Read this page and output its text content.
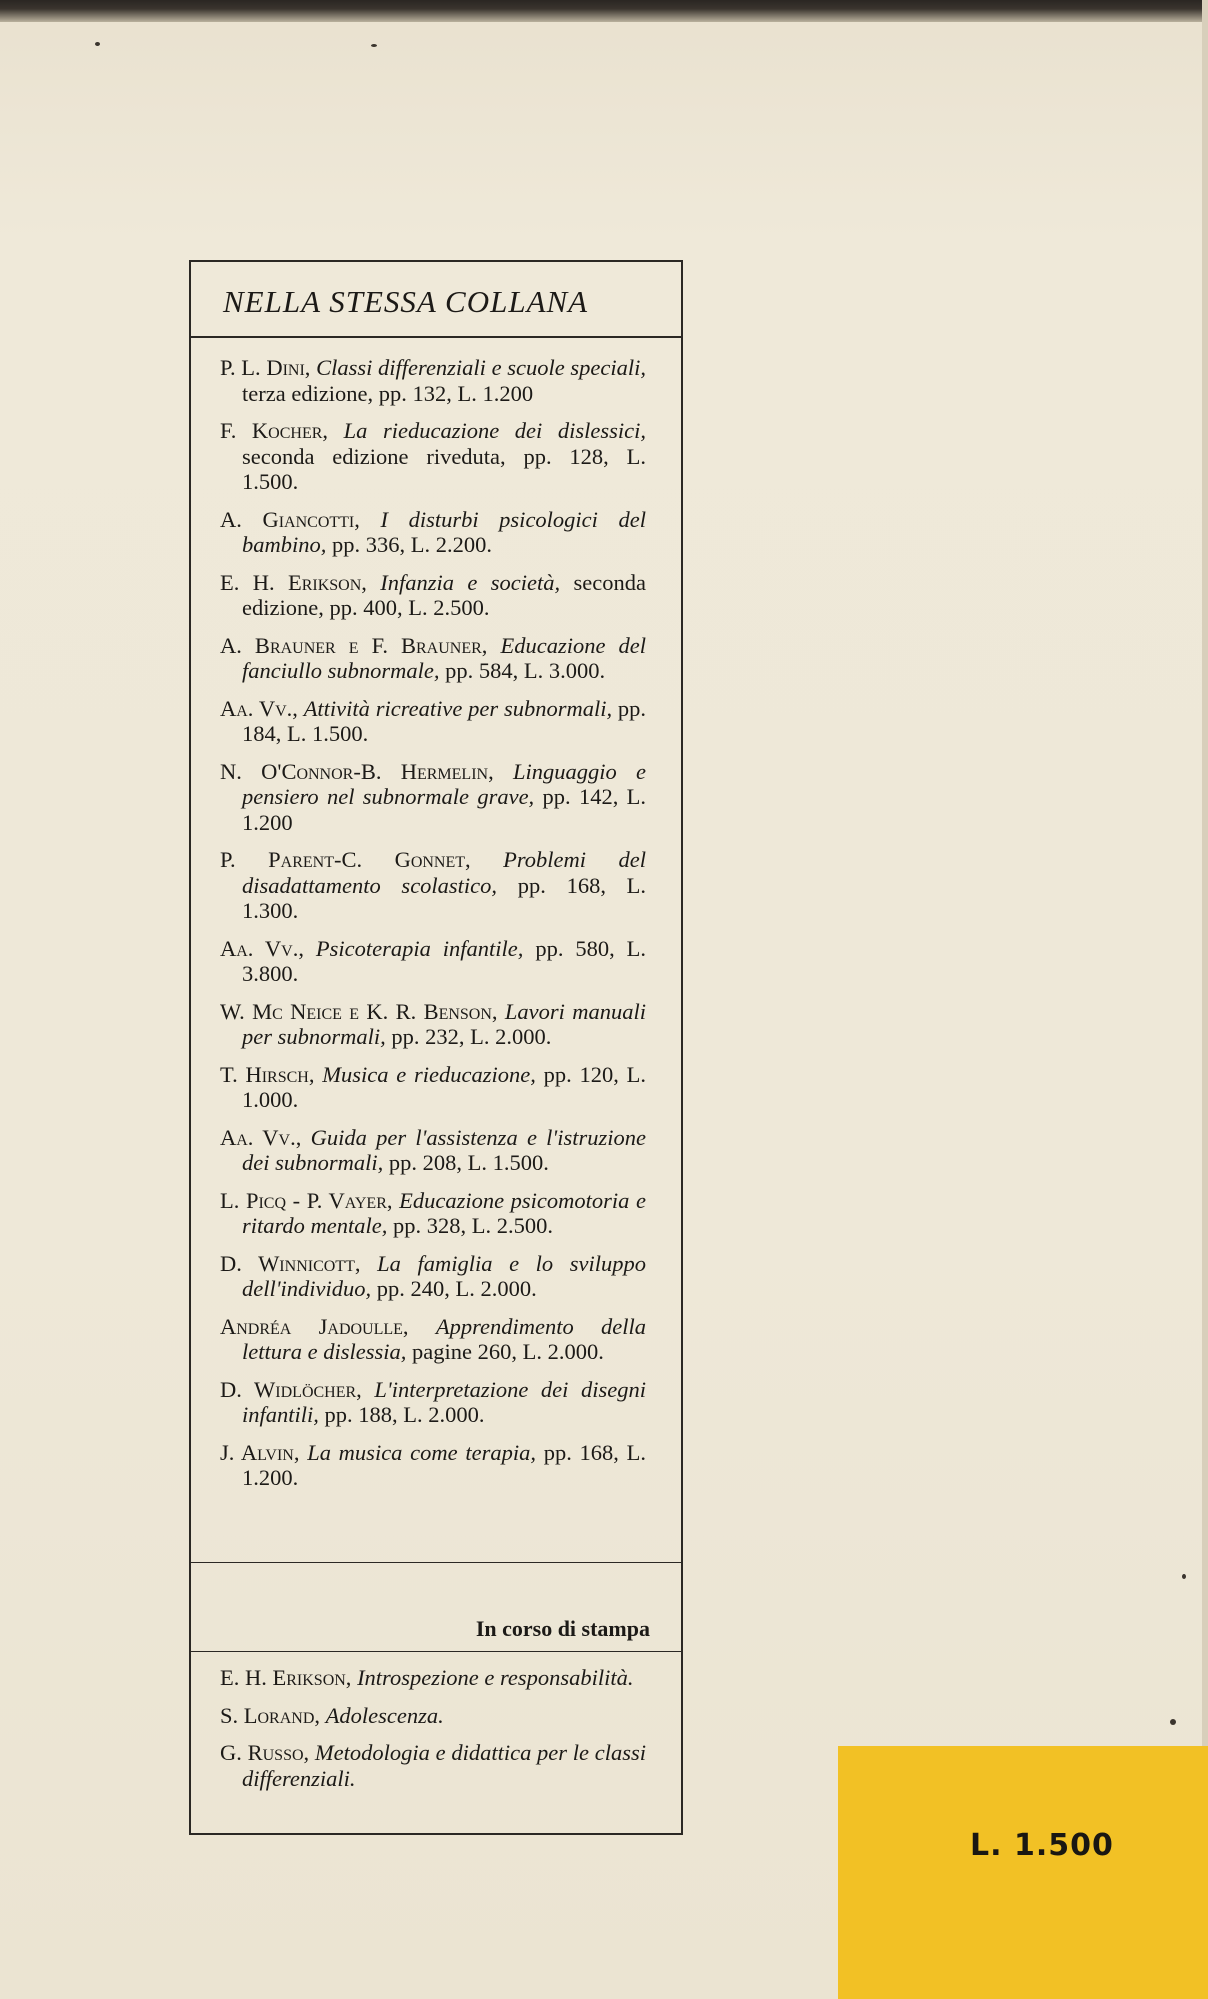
NELLA STESSA COLLANA
P. L. Dini, Classi differenziali e scuole speciali, terza edizione, pp. 132, L. 1.200
F. Kocher, La rieducazione dei dislessici, seconda edizione riveduta, pp. 128, L. 1.500.
A. Giancotti, I disturbi psicologici del bambino, pp. 336, L. 2.200.
E. H. Erikson, Infanzia e società, seconda edizione, pp. 400, L. 2.500.
A. Brauner e F. Brauner, Educazione del fanciullo subnormale, pp. 584, L. 3.000.
Aa. Vv., Attività ricreative per subnormali, pp. 184, L. 1.500.
N. O'Connor-B. Hermelin, Linguaggio e pensiero nel subnormale grave, pp. 142, L. 1.200
P. Parent-C. Gonnet, Problemi del disadattamento scolastico, pp. 168, L. 1.300.
Aa. Vv., Psicoterapia infantile, pp. 580, L. 3.800.
W. Mc Neice e K. R. Benson, Lavori manuali per subnormali, pp. 232, L. 2.000.
T. Hirsch, Musica e rieducazione, pp. 120, L. 1.000.
Aa. Vv., Guida per l'assistenza e l'istruzione dei subnormali, pp. 208, L. 1.500.
L. Picq - P. Vayer, Educazione psicomotoria e ritardo mentale, pp. 328, L. 2.500.
D. Winnicott, La famiglia e lo sviluppo dell'individuo, pp. 240, L. 2.000.
Andréa Jadoulle, Apprendimento della lettura e dislessia, pagine 260, L. 2.000.
D. Widlöcher, L'interpretazione dei disegni infantili, pp. 188, L. 2.000.
J. Alvin, La musica come terapia, pp. 168, L. 1.200.
In corso di stampa
E. H. Erikson, Introspezione e responsabilità.
S. Lorand, Adolescenza.
G. Russo, Metodologia e didattica per le classi differenziali.
L. 1.500
